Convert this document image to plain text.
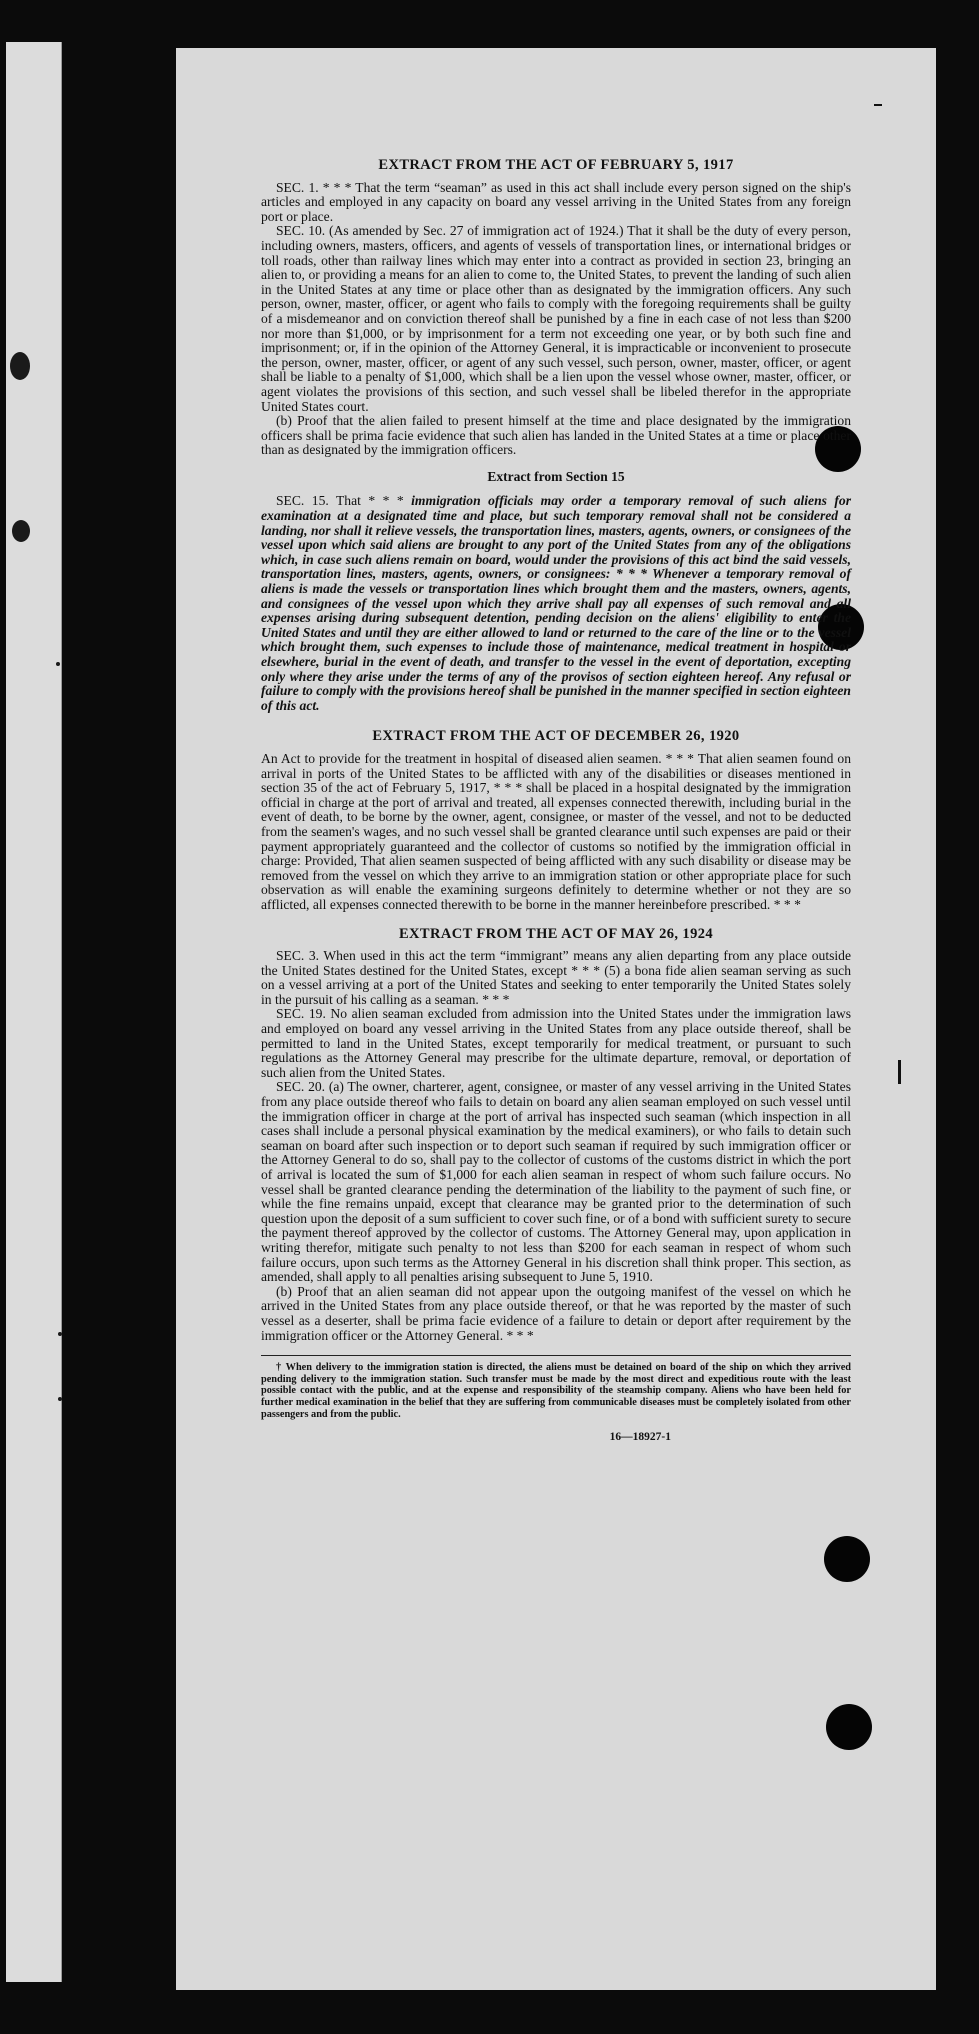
EXTRACT FROM THE ACT OF FEBRUARY 5, 1917

SEC. 1. * * * That the term “seaman” as used in this act shall include every person signed on the ship's articles and employed in any capacity on board any vessel arriving in the United States from any foreign port or place.

SEC. 10. (As amended by Sec. 27 of immigration act of 1924.) That it shall be the duty of every person, including owners, masters, officers, and agents of vessels of transportation lines, or international bridges or toll roads, other than railway lines which may enter into a contract as provided in section 23, bringing an alien to, or providing a means for an alien to come to, the United States, to prevent the landing of such alien in the United States at any time or place other than as designated by the immigration officers. Any such person, owner, master, officer, or agent who fails to comply with the foregoing requirements shall be guilty of a misdemeanor and on conviction thereof shall be punished by a fine in each case of not less than $200 nor more than $1,000, or by imprisonment for a term not exceeding one year, or by both such fine and imprisonment; or, if in the opinion of the Attorney General, it is impracticable or inconvenient to prosecute the person, owner, master, officer, or agent of any such vessel, such person, owner, master, officer, or agent shall be liable to a penalty of $1,000, which shall be a lien upon the vessel whose owner, master, officer, or agent violates the provisions of this section, and such vessel shall be libeled therefor in the appropriate United States court.

(b) Proof that the alien failed to present himself at the time and place designated by the immigration officers shall be prima facie evidence that such alien has landed in the United States at a time or place other than as designated by the immigration officers.

Extract from Section 15

SEC. 15. That * * * immigration officials may order a temporary removal of such aliens for examination at a designated time and place, but such temporary removal shall not be considered a landing, nor shall it relieve vessels, the transportation lines, masters, agents, owners, or consignees of the vessel upon which said aliens are brought to any port of the United States from any of the obligations which, in case such aliens remain on board, would under the provisions of this act bind the said vessels, transportation lines, masters, agents, owners, or consignees: * * * Whenever a temporary removal of aliens is made the vessels or transportation lines which brought them and the masters, owners, agents, and consignees of the vessel upon which they arrive shall pay all expenses of such removal and all expenses arising during subsequent detention, pending decision on the aliens' eligibility to enter the United States and until they are either allowed to land or returned to the care of the line or to the vessel which brought them, such expenses to include those of maintenance, medical treatment in hospital or elsewhere, burial in the event of death, and transfer to the vessel in the event of deportation, excepting only where they arise under the terms of any of the provisos of section eighteen hereof. Any refusal or failure to comply with the provisions hereof shall be punished in the manner specified in section eighteen of this act.

EXTRACT FROM THE ACT OF DECEMBER 26, 1920

An Act to provide for the treatment in hospital of diseased alien seamen. * * * That alien seamen found on arrival in ports of the United States to be afflicted with any of the disabilities or diseases mentioned in section 35 of the act of February 5, 1917, * * * shall be placed in a hospital designated by the immigration official in charge at the port of arrival and treated, all expenses connected therewith, including burial in the event of death, to be borne by the owner, agent, consignee, or master of the vessel, and not to be deducted from the seamen's wages, and no such vessel shall be granted clearance until such expenses are paid or their payment appropriately guaranteed and the collector of customs so notified by the immigration official in charge: Provided, That alien seamen suspected of being afflicted with any such disability or disease may be removed from the vessel on which they arrive to an immigration station or other appropriate place for such observation as will enable the examining surgeons definitely to determine whether or not they are so afflicted, all expenses connected therewith to be borne in the manner hereinbefore prescribed. * * *

EXTRACT FROM THE ACT OF MAY 26, 1924

SEC. 3. When used in this act the term “immigrant” means any alien departing from any place outside the United States destined for the United States, except * * * (5) a bona fide alien seaman serving as such on a vessel arriving at a port of the United States and seeking to enter temporarily the United States solely in the pursuit of his calling as a seaman. * * *

SEC. 19. No alien seaman excluded from admission into the United States under the immigration laws and employed on board any vessel arriving in the United States from any place outside thereof, shall be permitted to land in the United States, except temporarily for medical treatment, or pursuant to such regulations as the Attorney General may prescribe for the ultimate departure, removal, or deportation of such alien from the United States.

SEC. 20. (a) The owner, charterer, agent, consignee, or master of any vessel arriving in the United States from any place outside thereof who fails to detain on board any alien seaman employed on such vessel until the immigration officer in charge at the port of arrival has inspected such seaman (which inspection in all cases shall include a personal physical examination by the medical examiners), or who fails to detain such seaman on board after such inspection or to deport such seaman if required by such immigration officer or the Attorney General to do so, shall pay to the collector of customs of the customs district in which the port of arrival is located the sum of $1,000 for each alien seaman in respect of whom such failure occurs. No vessel shall be granted clearance pending the determination of the liability to the payment of such fine, or while the fine remains unpaid, except that clearance may be granted prior to the determination of such question upon the deposit of a sum sufficient to cover such fine, or of a bond with sufficient surety to secure the payment thereof approved by the collector of customs. The Attorney General may, upon application in writing therefor, mitigate such penalty to not less than $200 for each seaman in respect of whom such failure occurs, upon such terms as the Attorney General in his discretion shall think proper. This section, as amended, shall apply to all penalties arising subsequent to June 5, 1910.

(b) Proof that an alien seaman did not appear upon the outgoing manifest of the vessel on which he arrived in the United States from any place outside thereof, or that he was reported by the master of such vessel as a deserter, shall be prima facie evidence of a failure to detain or deport after requirement by the immigration officer or the Attorney General. * * *

† When delivery to the immigration station is directed, the aliens must be detained on board of the ship on which they arrived pending delivery to the immigration station. Such transfer must be made by the most direct and expeditious route with the least possible contact with the public, and at the expense and responsibility of the steamship company. Aliens who have been held for further medical examination in the belief that they are suffering from communicable diseases must be completely isolated from other passengers and from the public.
16—18927-1
